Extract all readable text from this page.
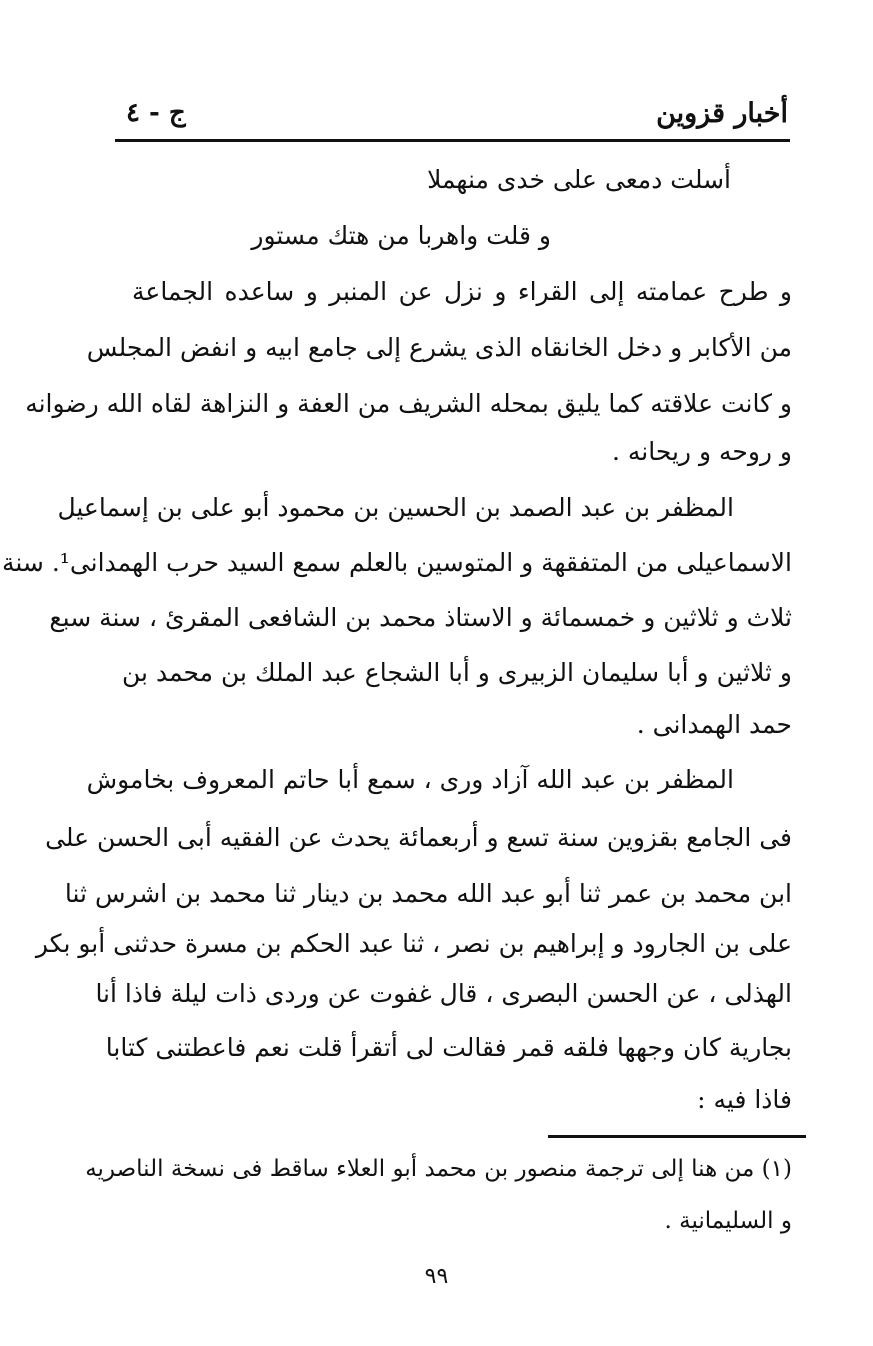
أخبار قزوين
ج - ٤
أسلت دمعى على خدى منهملا
و قلت واهربا من هتك مستور
و طرح عمامته إلى القراء و نزل عن المنبر و ساعده الجماعة
من الأكابر و دخل الخانقاه الذى يشرع إلى جامع ابيه و انفض المجلس
و كانت علاقته كما يليق بمحله الشريف من العفة و النزاهة لقاه الله رضوانه
و روحه و ريحانه .
المظفر بن عبد الصمد بن الحسين بن محمود أبو على بن إسماعيل
الاسماعيلى من المتفقهة و المتوسين بالعلم سمع السيد حرب الهمدانى¹. سنة
ثلاث و ثلاثين و خمسمائة و الاستاذ محمد بن الشافعى المقرئ ، سنة سبع
و ثلاثين و أبا سليمان الزبيرى و أبا الشجاع عبد الملك بن محمد بن
حمد الهمدانى .
المظفر بن عبد الله آزاد ورى ، سمع أبا حاتم المعروف بخاموش
فى الجامع بقزوين سنة تسع و أربعمائة يحدث عن الفقيه أبى الحسن على
ابن محمد بن عمر ثنا أبو عبد الله محمد بن دينار ثنا محمد بن اشرس ثنا
على بن الجارود و إبراهيم بن نصر ، ثنا عبد الحكم بن مسرة حدثنى أبو بكر
الهذلى ، عن الحسن البصرى ، قال غفوت عن وردى ذات ليلة فاذا أنا
بجارية كان وجهها فلقه قمر فقالت لى أتقرأ قلت نعم فاعطتنى كتابا
فاذا فيه :
(١) من هنا إلى ترجمة منصور بن محمد أبو العلاء ساقط فى نسخة الناصريه
و السليمانية .
٩٩
